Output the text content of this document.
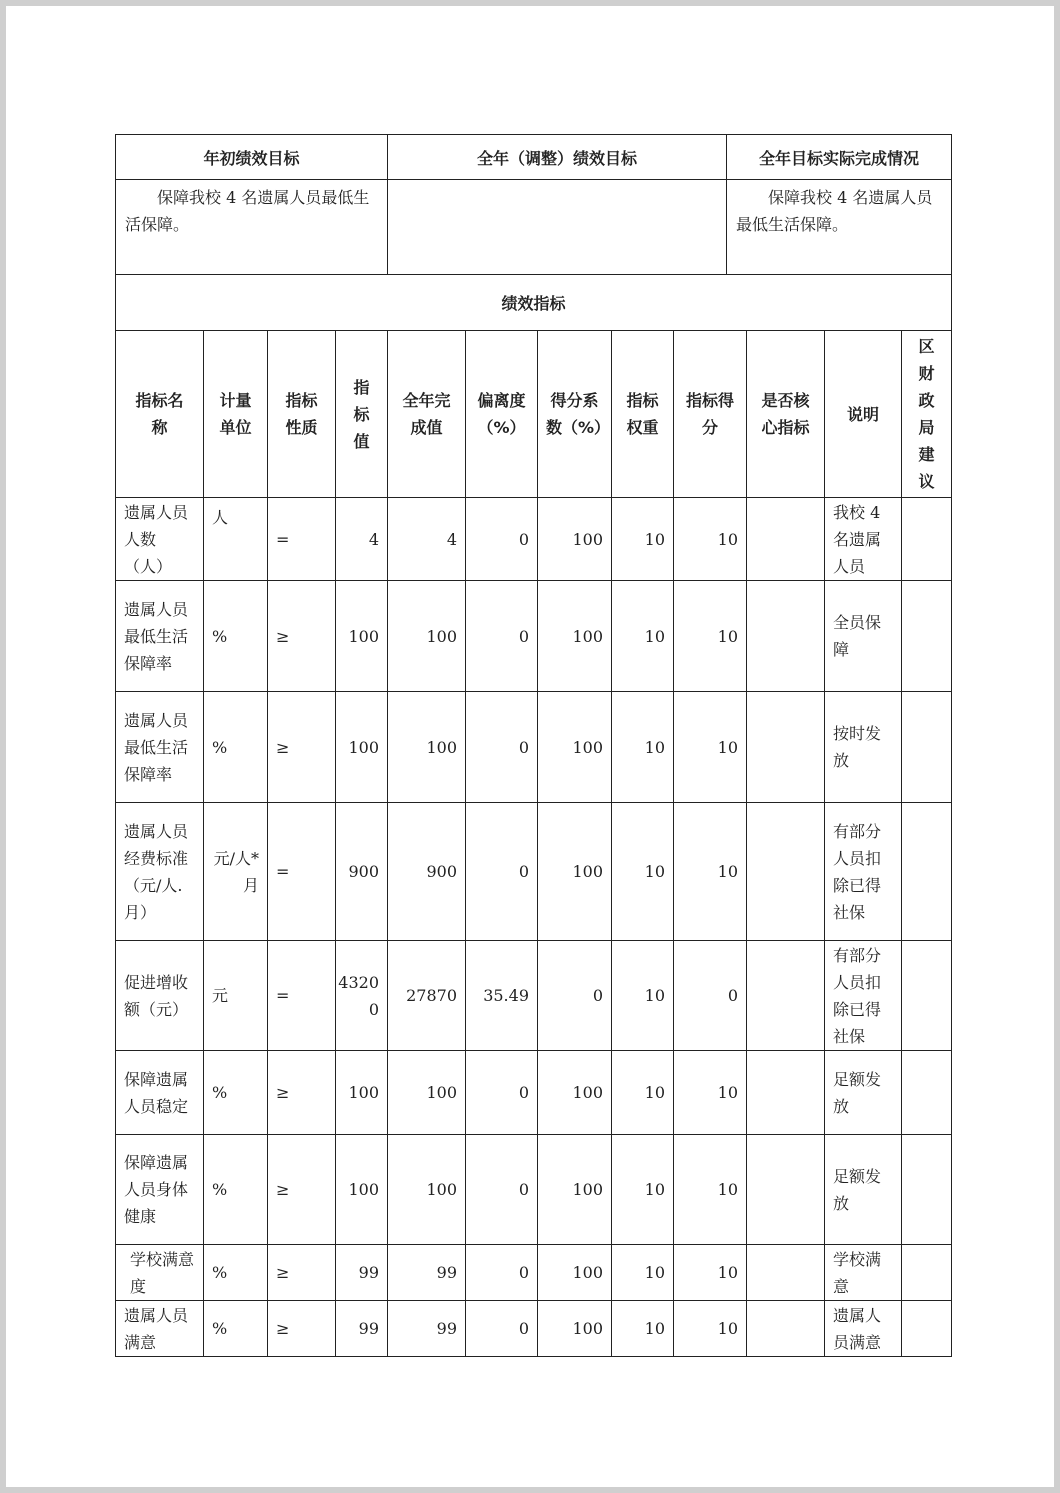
年初绩效目标	全年（调整）绩效目标	全年目标实际完成情况
保障我校 4 名遗属人员最低生活保障。		保障我校 4 名遗属人员最低生活保障。
绩效指标		
指标名称	计量单位	指标性质	指标值	全年完成值	偏离度（%）	得分系数（%）	指标权重	指标得分	是否核心指标	说明	区财政局建议
遗属人员人数（人）	人	=	4	4	0	100	10	10		我校 4 名遗属人员	
遗属人员最低生活保障率	%	≥	100	100	0	100	10	10		全员保障	
遗属人员最低生活保障率	%	≥	100	100	0	100	10	10		按时发放	
遗属人员经费标准（元/人.月）	元/人*月	=	900	900	0	100	10	10		有部分人员扣除已得社保	
促进增收额（元）	元	=	43200	27870	35.49	0	10	0		有部分人员扣除已得社保	
保障遗属人员稳定	%	≥	100	100	0	100	10	10		足额发放	
保障遗属人员身体健康	%	≥	100	100	0	100	10	10		足额发放	
学校满意度	%	≥	99	99	0	100	10	10		学校满意	
遗属人员满意	%	≥	99	99	0	100	10	10		遗属人员满意	
